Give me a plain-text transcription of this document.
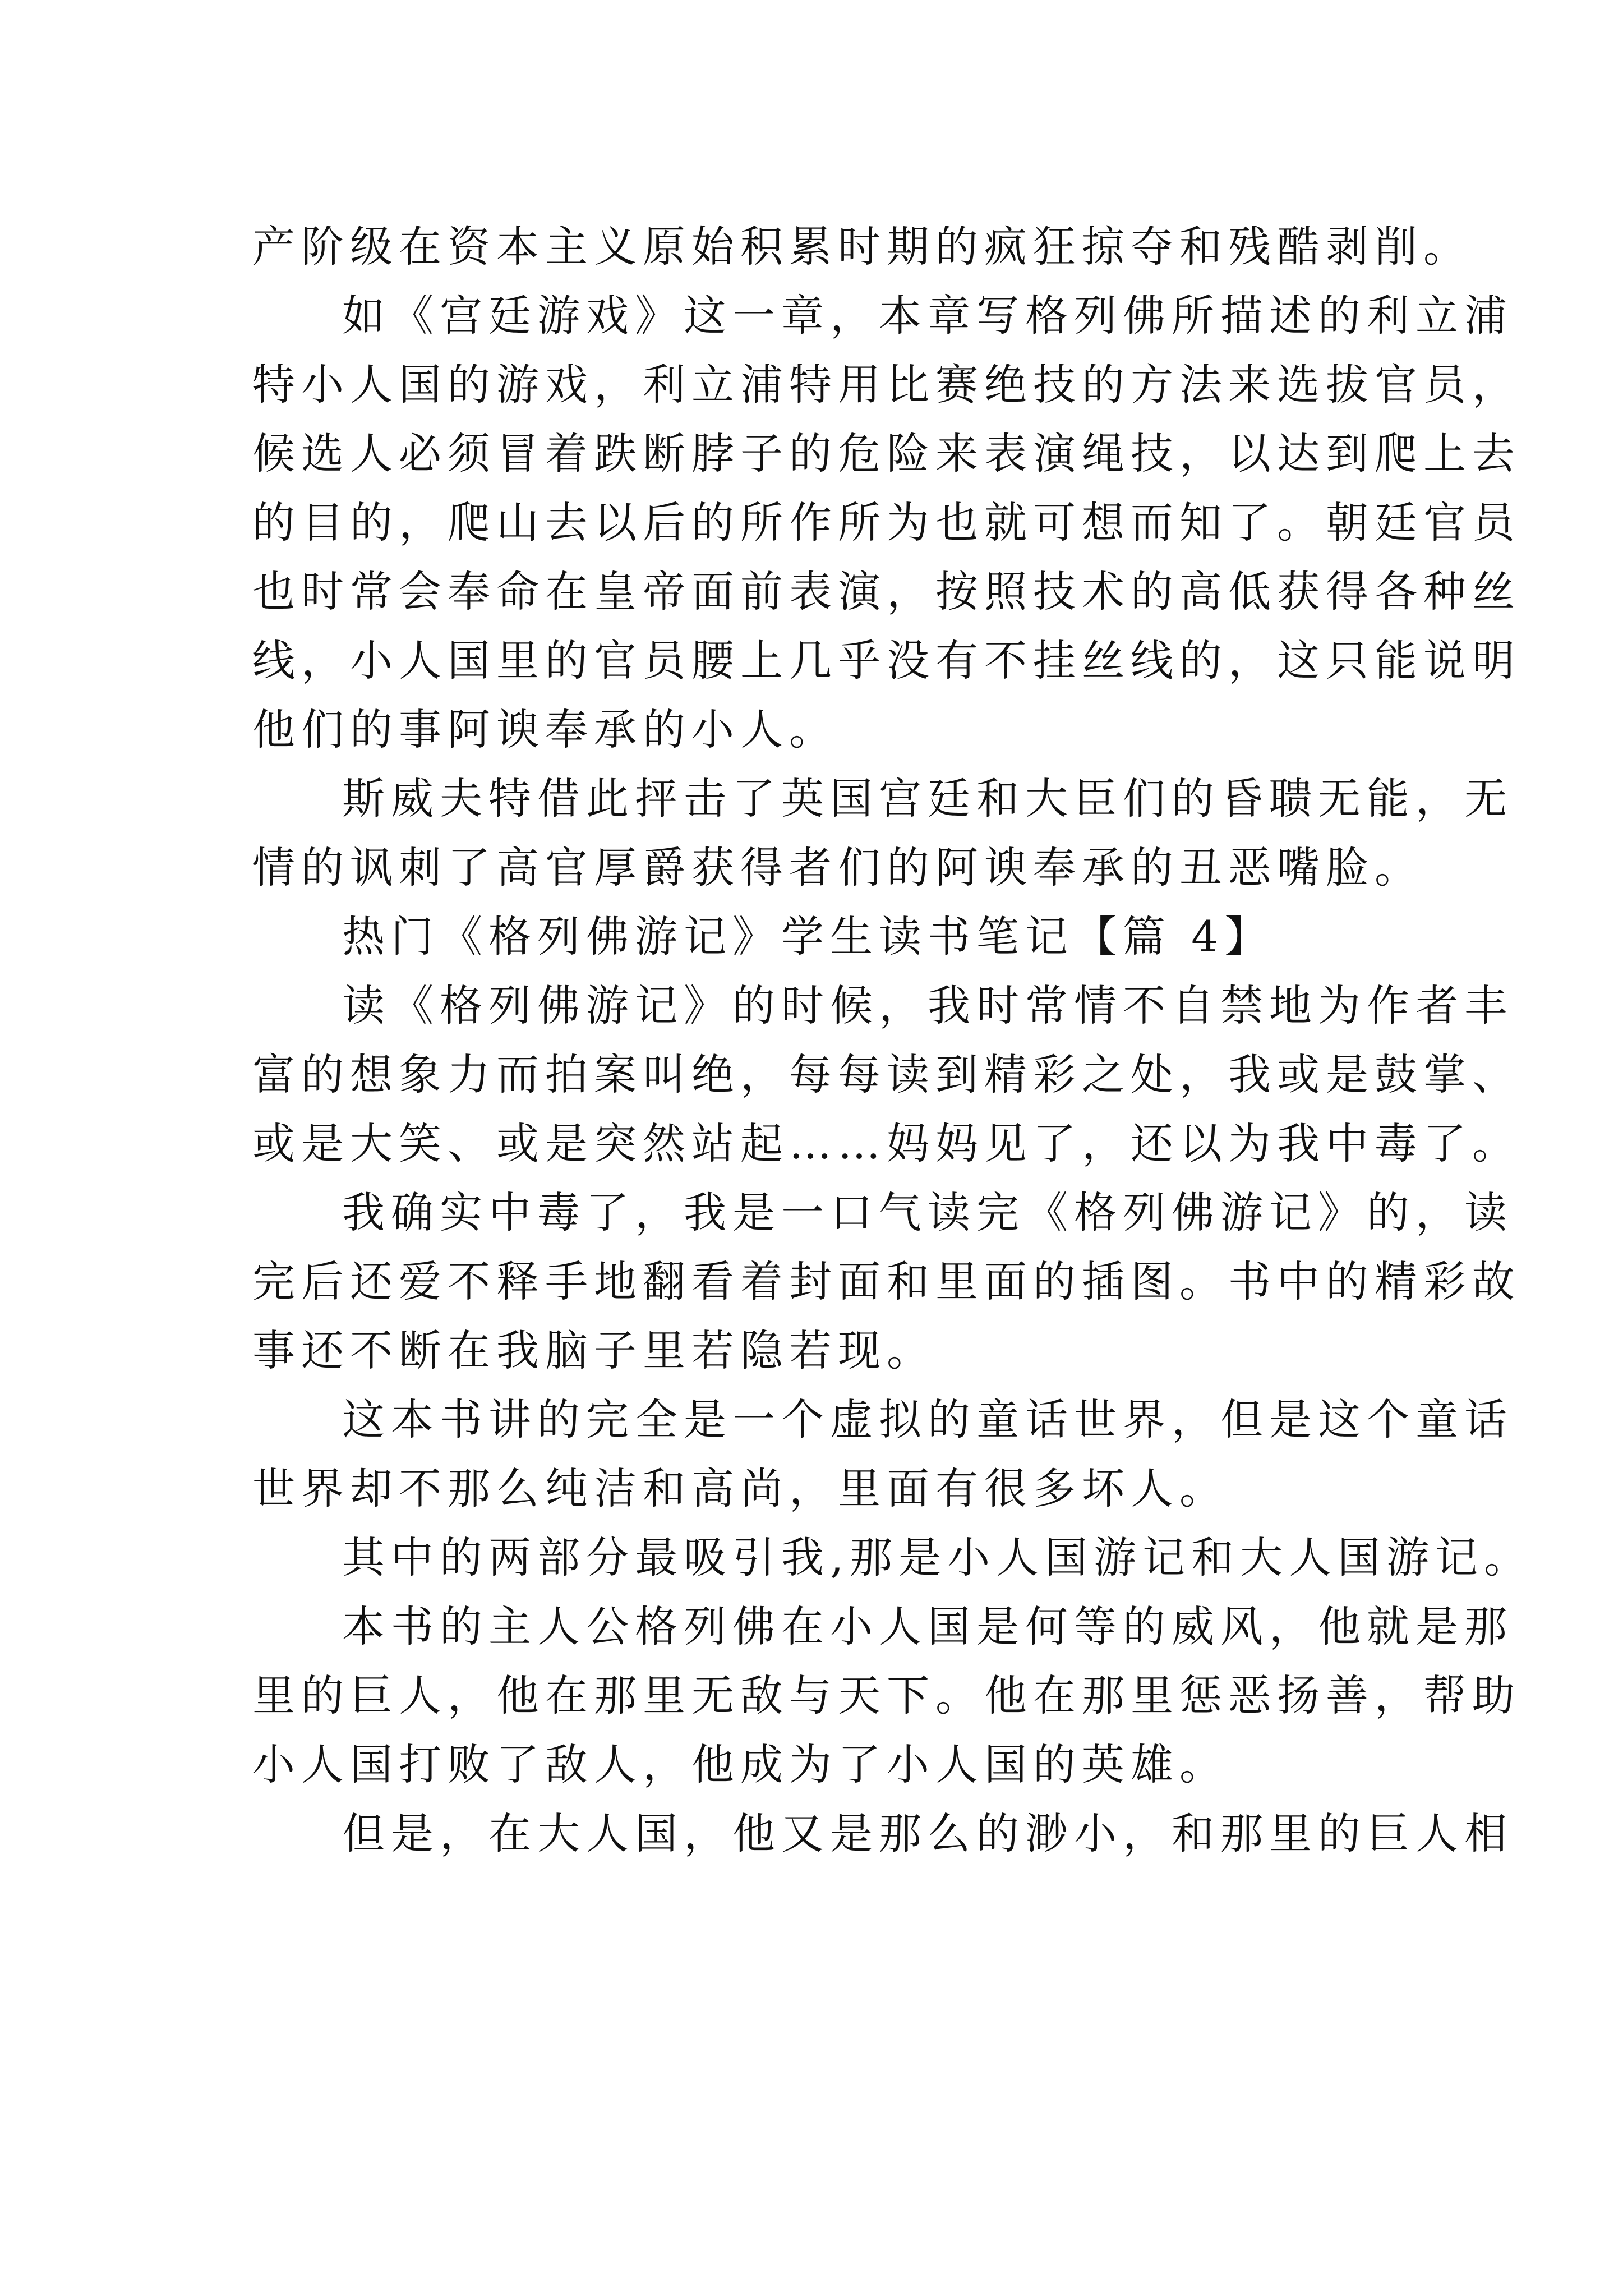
产阶级在资本主义原始积累时期的疯狂掠夺和残酷剥削。
如《宫廷游戏》这一章，本章写格列佛所描述的利立浦
特小人国的游戏，利立浦特用比赛绝技的方法来选拔官员，
候选人必须冒着跌断脖子的危险来表演绳技，以达到爬上去
的目的，爬山去以后的所作所为也就可想而知了。朝廷官员
也时常会奉命在皇帝面前表演，按照技术的高低获得各种丝
线，小人国里的官员腰上几乎没有不挂丝线的，这只能说明
他们的事阿谀奉承的小人。
斯威夫特借此抨击了英国宫廷和大臣们的昏聩无能，无
情的讽刺了高官厚爵获得者们的阿谀奉承的丑恶嘴脸。
热门《格列佛游记》学生读书笔记【篇 4】
读《格列佛游记》的时候，我时常情不自禁地为作者丰
富的想象力而拍案叫绝，每每读到精彩之处，我或是鼓掌、
或是大笑、或是突然站起……妈妈见了，还以为我中毒了。
我确实中毒了，我是一口气读完《格列佛游记》的，读
完后还爱不释手地翻看着封面和里面的插图。书中的精彩故
事还不断在我脑子里若隐若现。
这本书讲的完全是一个虚拟的童话世界，但是这个童话
世界却不那么纯洁和高尚，里面有很多坏人。
其中的两部分最吸引我,那是小人国游记和大人国游记。
本书的主人公格列佛在小人国是何等的威风，他就是那
里的巨人，他在那里无敌与天下。他在那里惩恶扬善，帮助
小人国打败了敌人，他成为了小人国的英雄。
但是，在大人国，他又是那么的渺小，和那里的巨人相
